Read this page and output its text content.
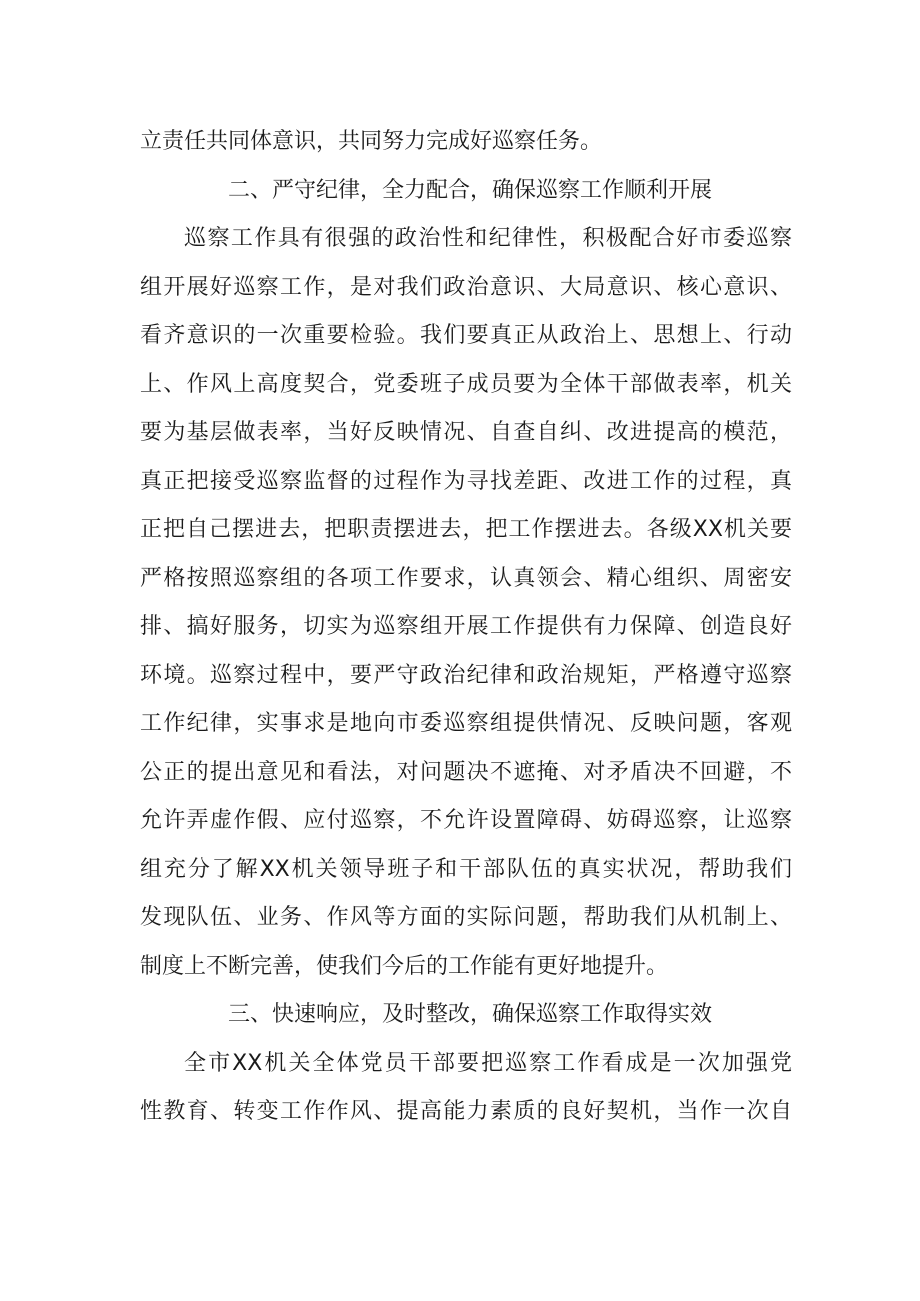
立责任共同体意识，共同努力完成好巡察任务。
二、严守纪律，全力配合，确保巡察工作顺利开展
巡察工作具有很强的政治性和纪律性，积极配合好市委巡察
组开展好巡察工作，是对我们政治意识、大局意识、核心意识、
看齐意识的一次重要检验。我们要真正从政治上、思想上、行动
上、作风上高度契合，党委班子成员要为全体干部做表率，机关
要为基层做表率，当好反映情况、自查自纠、改进提高的模范，
真正把接受巡察监督的过程作为寻找差距、改进工作的过程，真
正把自己摆进去，把职责摆进去，把工作摆进去。各级XX机关要
严格按照巡察组的各项工作要求，认真领会、精心组织、周密安
排、搞好服务，切实为巡察组开展工作提供有力保障、创造良好
环境。巡察过程中，要严守政治纪律和政治规矩，严格遵守巡察
工作纪律，实事求是地向市委巡察组提供情况、反映问题，客观
公正的提出意见和看法，对问题决不遮掩、对矛盾决不回避，不
允许弄虚作假、应付巡察，不允许设置障碍、妨碍巡察，让巡察
组充分了解XX机关领导班子和干部队伍的真实状况，帮助我们
发现队伍、业务、作风等方面的实际问题，帮助我们从机制上、
制度上不断完善，使我们今后的工作能有更好地提升。
三、快速响应，及时整改，确保巡察工作取得实效
全市XX机关全体党员干部要把巡察工作看成是一次加强党
性教育、转变工作作风、提高能力素质的良好契机，当作一次自
